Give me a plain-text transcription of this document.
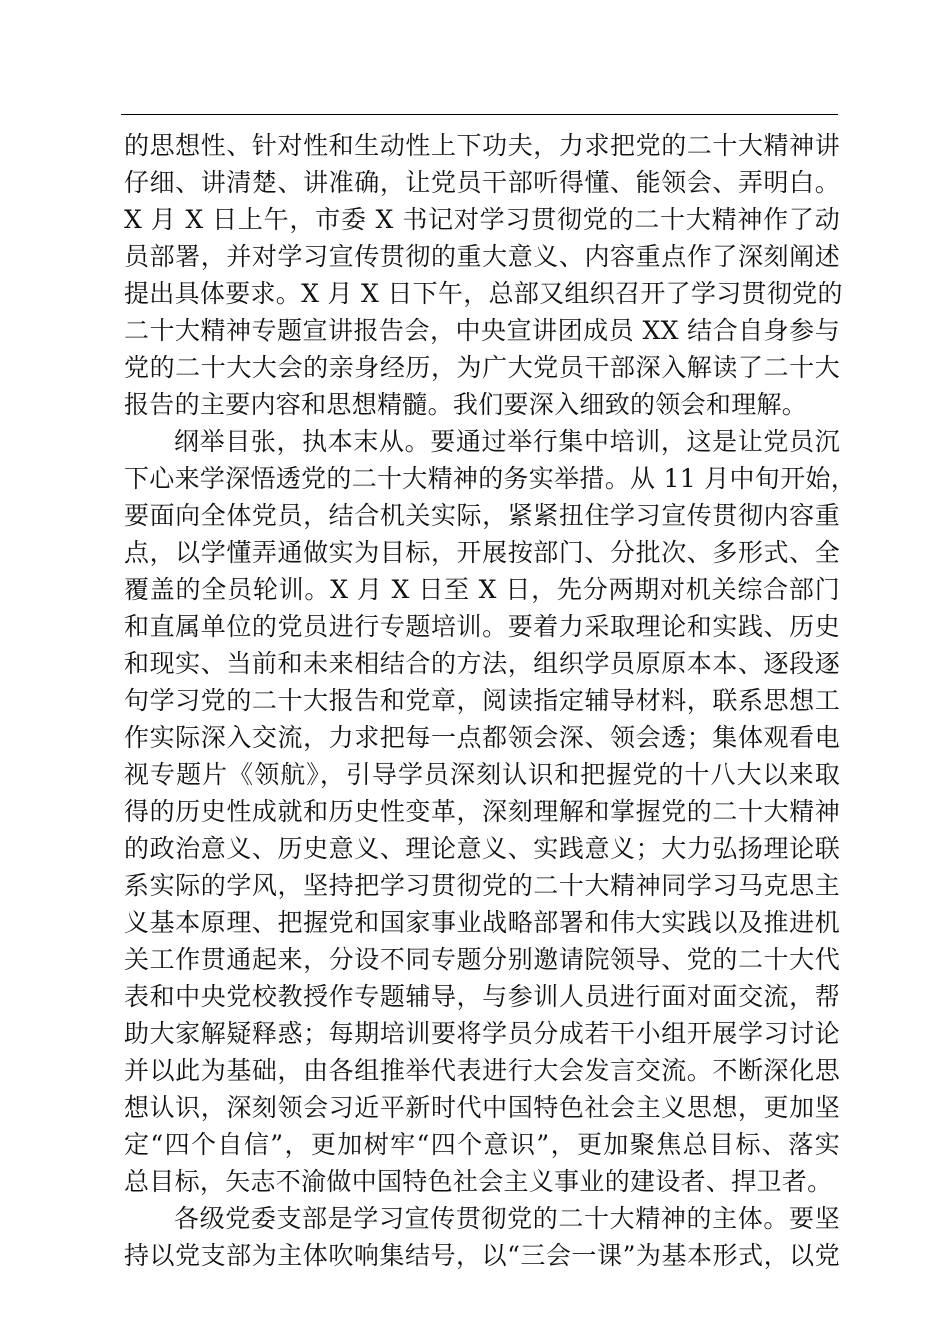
的思想性、针对性和生动性上下功夫，力求把党的二十大精神讲
仔细、讲清楚、讲准确，让党员干部听得懂、能领会、弄明白。
X 月 X 日上午，市委 X 书记对学习贯彻党的二十大精神作了动
员部署，并对学习宣传贯彻的重大意义、内容重点作了深刻阐述
提出具体要求。X 月 X 日下午，总部又组织召开了学习贯彻党的
二十大精神专题宣讲报告会，中央宣讲团成员 XX 结合自身参与
党的二十大大会的亲身经历，为广大党员干部深入解读了二十大
报告的主要内容和思想精髓。我们要深入细致的领会和理解。
纲举目张，执本末从。要通过举行集中培训，这是让党员沉
下心来学深悟透党的二十大精神的务实举措。从 11 月中旬开始，
要面向全体党员，结合机关实际，紧紧扭住学习宣传贯彻内容重
点，以学懂弄通做实为目标，开展按部门、分批次、多形式、全
覆盖的全员轮训。X 月 X 日至 X 日，先分两期对机关综合部门
和直属单位的党员进行专题培训。要着力采取理论和实践、历史
和现实、当前和未来相结合的方法，组织学员原原本本、逐段逐
句学习党的二十大报告和党章，阅读指定辅导材料，联系思想工
作实际深入交流，力求把每一点都领会深、领会透；集体观看电
视专题片《领航》，引导学员深刻认识和把握党的十八大以来取
得的历史性成就和历史性变革，深刻理解和掌握党的二十大精神
的政治意义、历史意义、理论意义、实践意义；大力弘扬理论联
系实际的学风，坚持把学习贯彻党的二十大精神同学习马克思主
义基本原理、把握党和国家事业战略部署和伟大实践以及推进机
关工作贯通起来，分设不同专题分别邀请院领导、党的二十大代
表和中央党校教授作专题辅导，与参训人员进行面对面交流，帮
助大家解疑释惑；每期培训要将学员分成若干小组开展学习讨论
并以此为基础，由各组推举代表进行大会发言交流。不断深化思
想认识，深刻领会习近平新时代中国特色社会主义思想，更加坚
定“四个自信”，更加树牢“四个意识”，更加聚焦总目标、落实
总目标，矢志不渝做中国特色社会主义事业的建设者、捍卫者。
各级党委支部是学习宣传贯彻党的二十大精神的主体。要坚
持以党支部为主体吹响集结号，以“三会一课”为基本形式，以党
